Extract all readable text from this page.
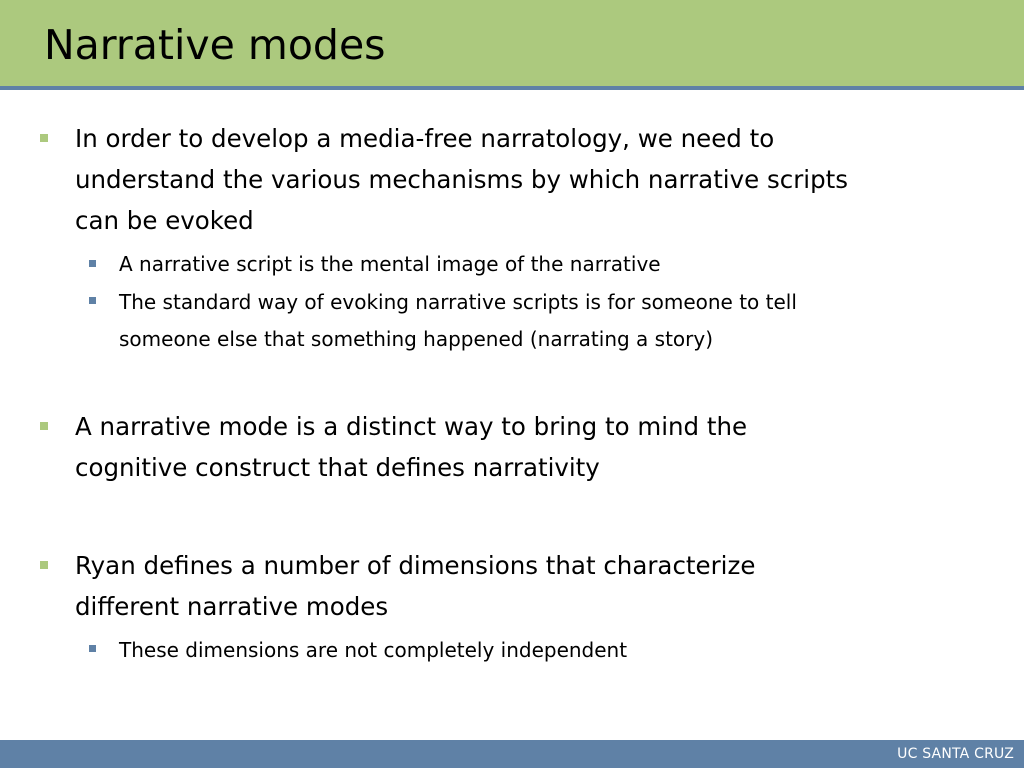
Narrative modes

In order to develop a media-free narratology, we need to

understand the various mechanisms by which narrative scripts

can be evoked

A narrative script is the mental image of the narrative

The standard way of evoking narrative scripts is for someone to tell

someone else that something happened (narrating a story)

A narrative mode is a distinct way to bring to mind the

cognitive construct that defines narrativity

Ryan defines a number of dimensions that characterize

different narrative modes

These dimensions are not completely independent

UC SANTA CRUZ
